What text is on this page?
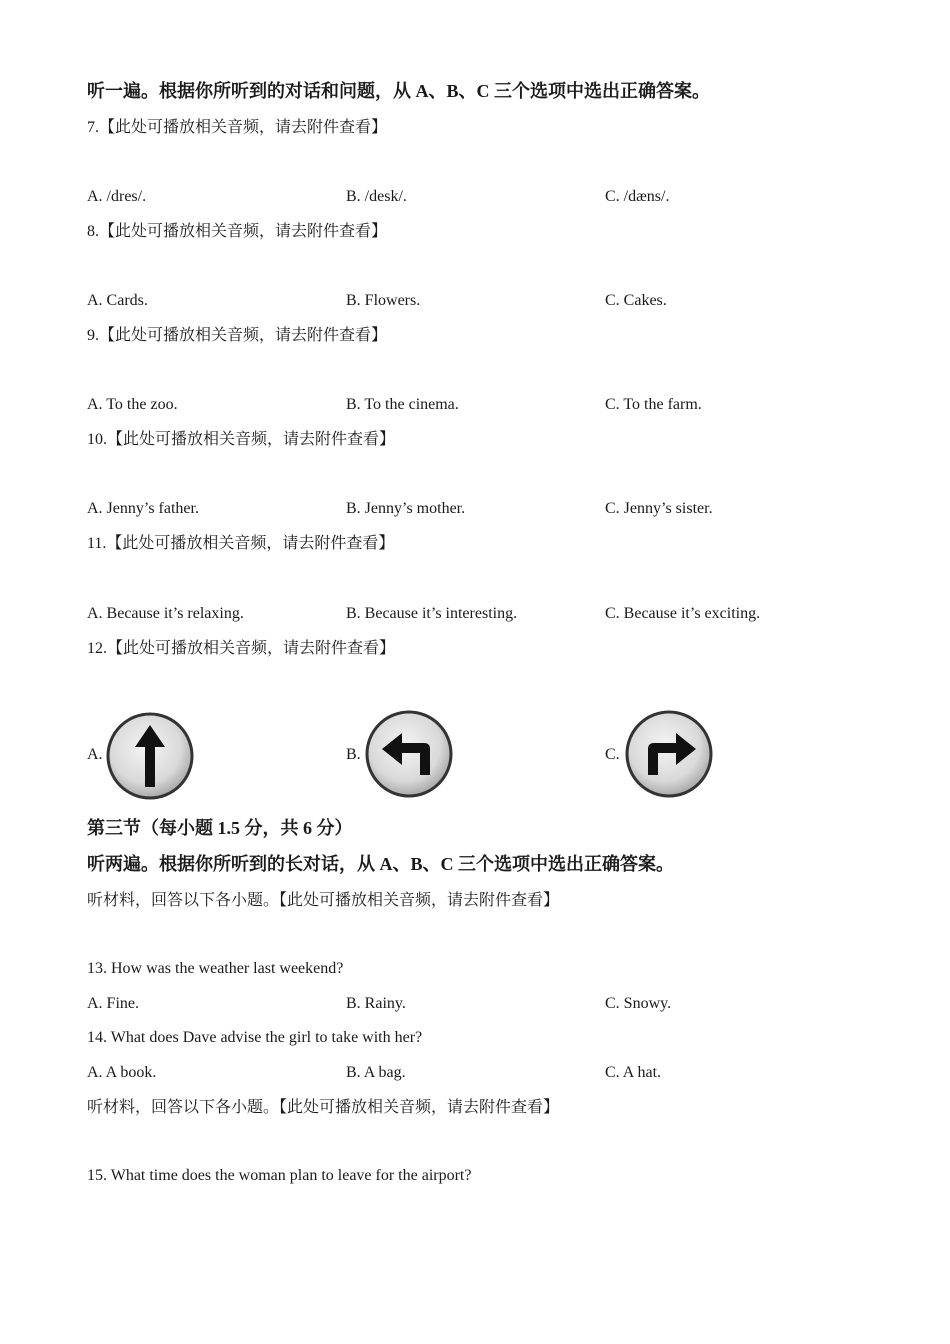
听一遍。根据你所听到的对话和问题，从 A、B、C 三个选项中选出正确答案。
7.【此处可播放相关音频，请去附件查看】
A. /dres/.	B. /desk/.	C. /dæns/.
8.【此处可播放相关音频，请去附件查看】
A. Cards.	B. Flowers.	C. Cakes.
9.【此处可播放相关音频，请去附件查看】
A. To the zoo.	B. To the cinema.	C. To the farm.
10.【此处可播放相关音频，请去附件查看】
A. Jenny’s father.	B. Jenny’s mother.	C. Jenny’s sister.
11.【此处可播放相关音频，请去附件查看】
A. Because it’s relaxing.	B. Because it’s interesting.	C. Because it’s exciting.
12.【此处可播放相关音频，请去附件查看】
A.	B.	C.
第三节（每小题 1.5 分，共 6 分）
听两遍。根据你所听到的长对话，从 A、B、C 三个选项中选出正确答案。
听材料，回答以下各小题。【此处可播放相关音频，请去附件查看】
13. How was the weather last weekend?
A. Fine.	B. Rainy.	C. Snowy.
14. What does Dave advise the girl to take with her?
A. A book.	B. A bag.	C. A hat.
听材料，回答以下各小题。【此处可播放相关音频，请去附件查看】
15. What time does the woman plan to leave for the airport?
